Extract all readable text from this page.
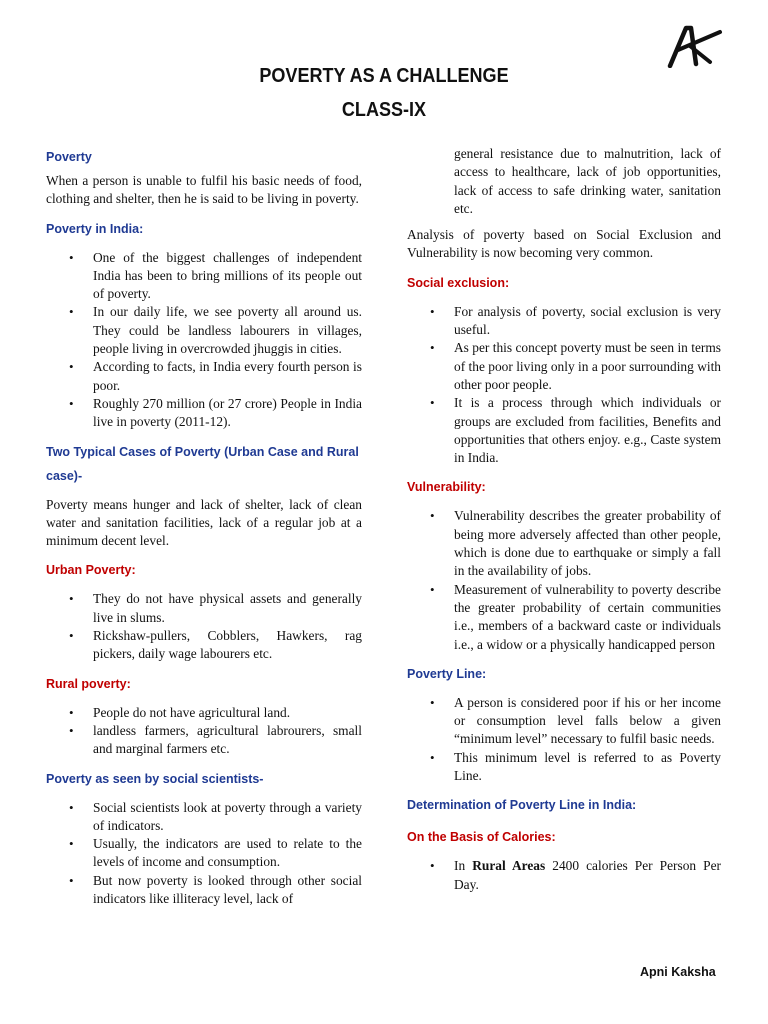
POVERTY AS A CHALLENGE
CLASS-IX
Poverty

When a person is unable to fulfil his basic needs of food, clothing and shelter, then he is said to be living in poverty.

Poverty in India:
• One of the biggest challenges of independent India has been to bring millions of its people out of poverty.
• In our daily life, we see poverty all around us. They could be landless labourers in villages, people living in overcrowded jhuggis in cities.
• According to facts, in India every fourth person is poor.
• Roughly 270 million (or 27 crore) People in India live in poverty (2011-12).
Two Typical Cases of Poverty (Urban Case and Rural case)-

Poverty means hunger and lack of shelter, lack of clean water and sanitation facilities, lack of a regular job at a minimum decent level.

Urban Poverty:
• They do not have physical assets and generally live in slums.
• Rickshaw-pullers, Cobblers, Hawkers, rag pickers, daily wage labourers etc.
Rural poverty:
• People do not have agricultural land.
• landless farmers, agricultural labrourers, small and marginal farmers etc.
Poverty as seen by social scientists-
• Social scientists look at poverty through a variety of indicators.
• Usually, the indicators are used to relate to the levels of income and consumption.
• But now poverty is looked through other social indicators like illiteracy level, lack of
general resistance due to malnutrition, lack of access to healthcare, lack of job opportunities, lack of access to safe drinking water, sanitation etc.

Analysis of poverty based on Social Exclusion and Vulnerability is now becoming very common.

Social exclusion:
• For analysis of poverty, social exclusion is very useful.
• As per this concept poverty must be seen in terms of the poor living only in a poor surrounding with other poor people.
• It is a process through which individuals or groups are excluded from facilities, Benefits and opportunities that others enjoy. e.g., Caste system in India.
Vulnerability:
• Vulnerability describes the greater probability of being more adversely affected than other people, which is done due to earthquake or simply a fall in the availability of jobs.
• Measurement of vulnerability to poverty describe the greater probability of certain communities i.e., members of a backward caste or individuals i.e., a widow or a physically handicapped person
Poverty Line:
• A person is considered poor if his or her income or consumption level falls below a given “minimum level” necessary to fulfil basic needs.
• This minimum level is referred to as Poverty Line.
Determination of Poverty Line in India:
On the Basis of Calories:
• In Rural Areas 2400 calories Per Person Per Day.
Apni Kaksha
